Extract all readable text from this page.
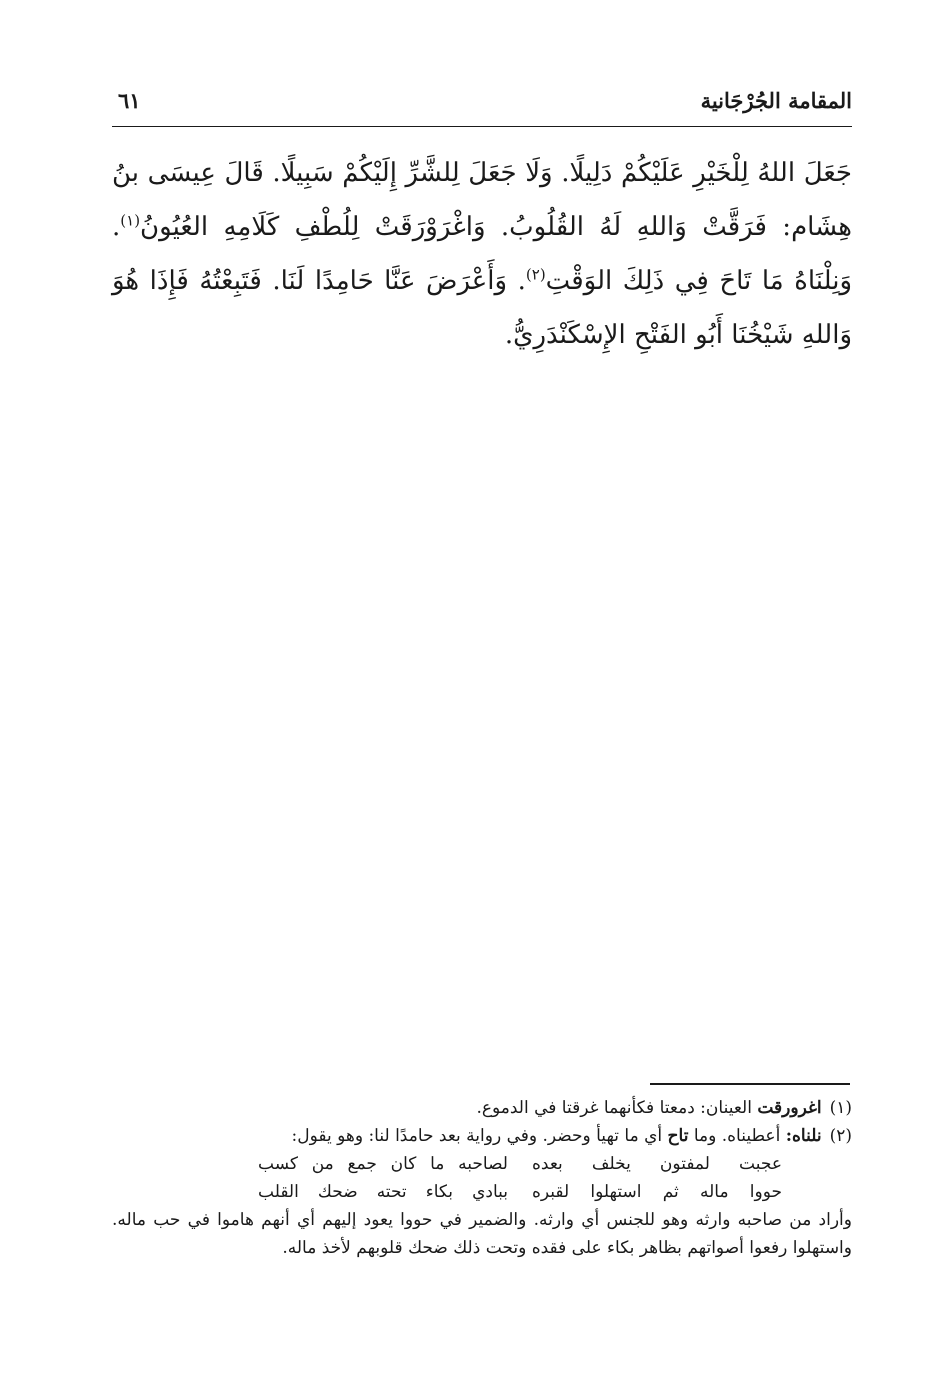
المقامة الجُرْجَانية
٦١

جَعَلَ اللهُ لِلْخَيْرِ عَلَيْكُمْ دَلِيلًا. وَلَا جَعَلَ لِلشَّرِّ إِلَيْكُمْ سَبِيلًا. قَالَ عِيسَى بنُ هِشَام: فَرَقَّتْ وَاللهِ لَهُ القُلُوبُ. وَاغْرَوْرَقَتْ لِلُطْفِ كَلَامِهِ العُيُونُ$^{(١)}$. وَنِلْنَاهُ مَا تَاحَ فِي ذَلِكَ الوَقْتِ$^{(٢)}$. وَأَعْرَضَ عَنَّا حَامِدًا لَنَا. فَتَبِعْتُهُ فَإِذَا هُوَ وَاللهِ شَيْخُنَا أَبُو الفَتْحِ الإِسْكَنْدَرِيُّ.

(١)اغرورقت العينان: دمعتا فكأنهما غرقتا في الدموع.

(٢)نلناه: أعطيناه. وما تاح أي ما تهيأ وحضر. وفي رواية بعد حامدًا لنا: وهو يقول:

عجبت لمفتون يخلف بعده
لصاحبه ما كان جمع من كسب
حووا ماله ثم استهلوا لقبره
ببادي بكاء تحته ضحك القلب

وأراد من صاحبه وارثه وهو للجنس أي وارثه. والضمير في حووا يعود إليهم أي أنهم هاموا في حب ماله. واستهلوا رفعوا أصواتهم بظاهر بكاء على فقده وتحت ذلك ضحك قلوبهم لأخذ ماله.
